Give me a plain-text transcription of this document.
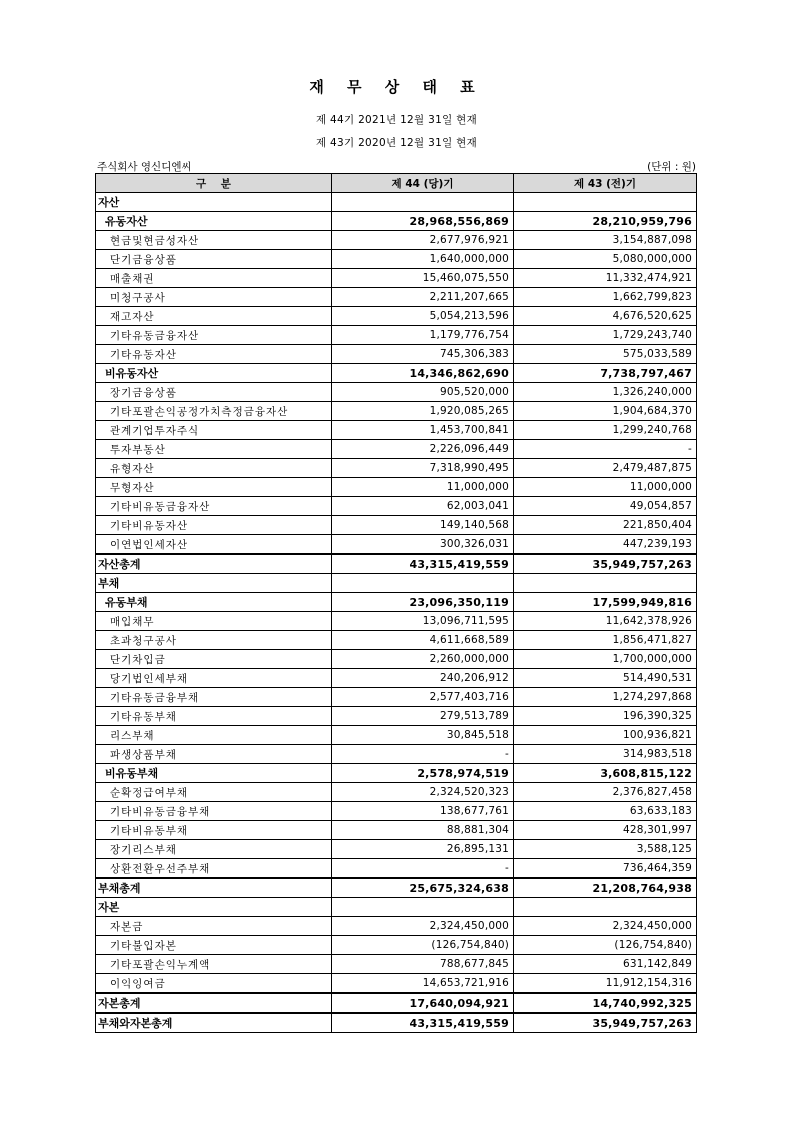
재 무 상 태 표
제 44기 2021년 12월 31일 현재
제 43기 2020년 12월 31일 현재
주식회사 영신디엔씨	(단위 : 원)
구    분	제 44 (당)기	제 43 (전)기
자산		
유동자산	28,968,556,869	28,210,959,796
현금및현금성자산	2,677,976,921	3,154,887,098
단기금융상품	1,640,000,000	5,080,000,000
매출채권	15,460,075,550	11,332,474,921
미청구공사	2,211,207,665	1,662,799,823
재고자산	5,054,213,596	4,676,520,625
기타유동금융자산	1,179,776,754	1,729,243,740
기타유동자산	745,306,383	575,033,589
비유동자산	14,346,862,690	7,738,797,467
장기금융상품	905,520,000	1,326,240,000
기타포괄손익공정가치측정금융자산	1,920,085,265	1,904,684,370
관계기업투자주식	1,453,700,841	1,299,240,768
투자부동산	2,226,096,449	-
유형자산	7,318,990,495	2,479,487,875
무형자산	11,000,000	11,000,000
기타비유동금융자산	62,003,041	49,054,857
기타비유동자산	149,140,568	221,850,404
이연법인세자산	300,326,031	447,239,193
자산총계	43,315,419,559	35,949,757,263
부채		
유동부채	23,096,350,119	17,599,949,816
매입채무	13,096,711,595	11,642,378,926
초과청구공사	4,611,668,589	1,856,471,827
단기차입금	2,260,000,000	1,700,000,000
당기법인세부채	240,206,912	514,490,531
기타유동금융부채	2,577,403,716	1,274,297,868
기타유동부채	279,513,789	196,390,325
리스부채	30,845,518	100,936,821
파생상품부채	-	314,983,518
비유동부채	2,578,974,519	3,608,815,122
순확정급여부채	2,324,520,323	2,376,827,458
기타비유동금융부채	138,677,761	63,633,183
기타비유동부채	88,881,304	428,301,997
장기리스부채	26,895,131	3,588,125
상환전환우선주부채	-	736,464,359
부채총계	25,675,324,638	21,208,764,938
자본		
자본금	2,324,450,000	2,324,450,000
기타불입자본	(126,754,840)	(126,754,840)
기타포괄손익누계액	788,677,845	631,142,849
이익잉여금	14,653,721,916	11,912,154,316
자본총계	17,640,094,921	14,740,992,325
부채와자본총계	43,315,419,559	35,949,757,263
